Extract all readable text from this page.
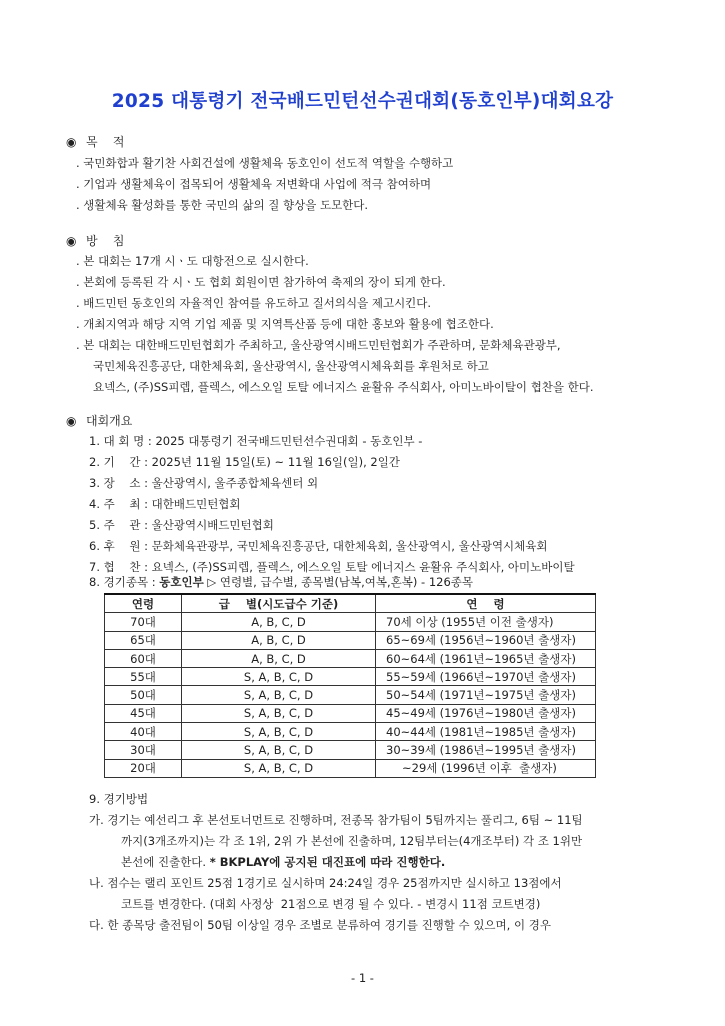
2025 대통령기 전국배드민턴선수권대회(동호인부)대회요강
◉ 목    적
. 국민화합과 활기찬 사회건설에 생활체육 동호인이 선도적 역할을 수행하고
. 기업과 생활체육이 접목되어 생활체육 저변확대 사업에 적극 참여하며
. 생활체육 활성화를 통한 국민의 삶의 질 향상을 도모한다.
◉ 방    침
. 본 대회는 17개 시ㆍ도 대항전으로 실시한다.
. 본회에 등록된 각 시ㆍ도 협회 회원이면 참가하여 축제의 장이 되게 한다.
. 배드민턴 동호인의 자율적인 참여를 유도하고 질서의식을 제고시킨다.
. 개최지역과 해당 지역 기업 제품 및 지역특산품 등에 대한 홍보와 활용에 협조한다.
. 본 대회는 대한배드민턴협회가 주최하고, 울산광역시배드민턴협회가 주관하며, 문화체육관광부,
국민체육진흥공단, 대한체육회, 울산광역시, 울산광역시체육회를 후원처로 하고
요넥스, (주)SS피렙, 플렉스, 에스오일 토탈 에너지스 윤활유 주식회사, 아미노바이탈이 협찬을 한다.
◉ 대회개요
1. 대 회 명 : 2025 대통령기 전국배드민턴선수권대회 - 동호인부 -
2. 기    간 : 2025년 11월 15일(토) ~ 11월 16일(일), 2일간
3. 장    소 : 울산광역시, 울주종합체육센터 외
4. 주    최 : 대한배드민턴협회
5. 주    관 : 울산광역시배드민턴협회
6. 후    원 : 문화체육관광부, 국민체육진흥공단, 대한체육회, 울산광역시, 울산광역시체육회
7. 협    찬 : 요넥스, (주)SS피렙, 플렉스, 에스오일 토탈 에너지스 윤활유 주식회사, 아미노바이탈
8. 경기종목 : 동호인부 ▷ 연령별, 급수별, 종목별(남복,여복,혼복) - 126종목
연령	급    별(시도급수 기준)	연    령
70대	A, B, C, D	70세 이상 (1955년 이전 출생자)
65대	A, B, C, D	65~69세 (1956년~1960년 출생자)
60대	A, B, C, D	60~64세 (1961년~1965년 출생자)
55대	S, A, B, C, D	55~59세 (1966년~1970년 출생자)
50대	S, A, B, C, D	50~54세 (1971년~1975년 출생자)
45대	S, A, B, C, D	45~49세 (1976년~1980년 출생자)
40대	S, A, B, C, D	40~44세 (1981년~1985년 출생자)
30대	S, A, B, C, D	30~39세 (1986년~1995년 출생자)
20대	S, A, B, C, D	~29세 (1996년 이후  출생자)
9. 경기방법
가. 경기는 예선리그 후 본선토너먼트로 진행하며, 전종목 참가팀이 5팀까지는 풀리그, 6팀 ~ 11팀
까지(3개조까지)는 각 조 1위, 2위 가 본선에 진출하며, 12팀부터는(4개조부터) 각 조 1위만
본선에 진출한다. * BKPLAY에 공지된 대진표에 따라 진행한다.
나. 점수는 랠리 포인트 25점 1경기로 실시하며 24:24일 경우 25점까지만 실시하고 13점에서
코트를 변경한다. (대회 사정상  21점으로 변경 될 수 있다. - 변경시 11점 코트변경)
다. 한 종목당 출전팀이 50팀 이상일 경우 조별로 분류하여 경기를 진행할 수 있으며, 이 경우
- 1 -
